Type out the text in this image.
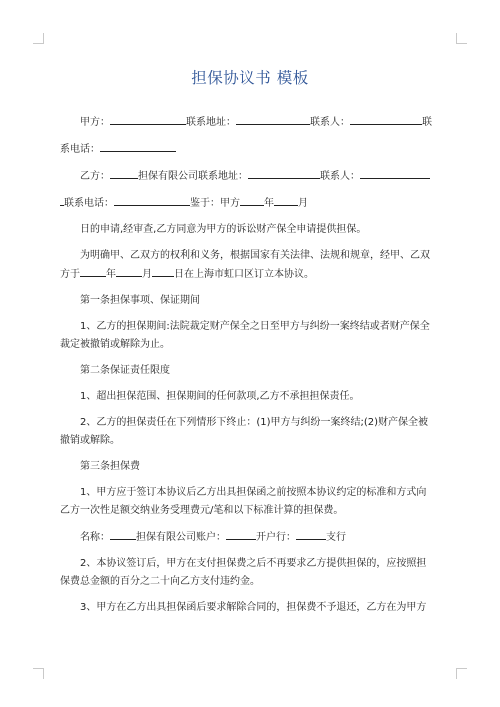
担保协议书 模板

甲方：	联系地址：	联系人：	联

系电话：

乙方：	担保有限公司联系地址：	联系人：

联系电话：	鉴于：甲方 年 月

日的申请,经审查,乙方同意为甲方的诉讼财产保全申请提供担保。

为明确甲、乙双方的权利和义务，根据国家有关法律、法规和规章，经甲、乙双

方于	年	月 日在上海市虹口区订立本协议。

第一条担保事项、保证期间

1、乙方的担保期间:法院裁定财产保全之日至甲方与纠纷一案终结或者财产保全

裁定被撤销或解除为止。

第二条保证责任限度

1、超出担保范围、担保期间的任何款项,乙方不承担担保责任。

2、乙方的担保责任在下列情形下终止：(1)甲方与纠纷一案终结;(2)财产保全被

撤销或解除。

第三条担保费

1、甲方应于签订本协议后乙方出具担保函之前按照本协议约定的标准和方式向

乙方一次性足额交纳业务受理费元/笔和以下标准计算的担保费。

名称：	担保有限公司账户：	开户行：	支行

2、本协议签订后，甲方在支付担保费之后不再要求乙方提供担保的，应按照担

保费总金额的百分之二十向乙方支付违约金。

3、甲方在乙方出具担保函后要求解除合同的，担保费不予退还，乙方在为甲方
